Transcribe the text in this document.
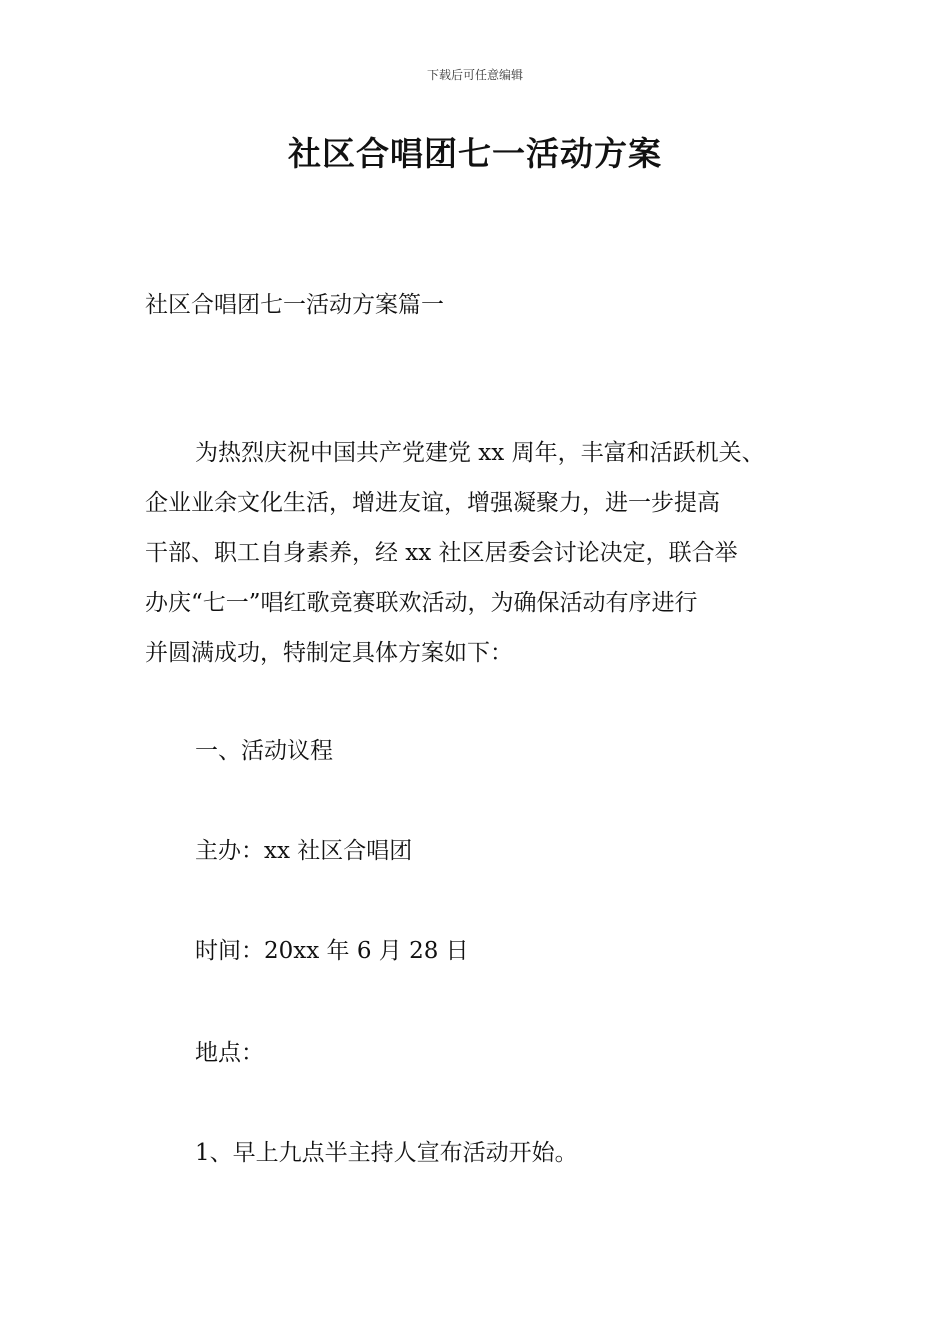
下载后可任意编辑
社区合唱团七一活动方案
社区合唱团七一活动方案篇一
为热烈庆祝中国共产党建党 xx 周年，丰富和活跃机关、
企业业余文化生活，增进友谊，增强凝聚力，进一步提高
干部、职工自身素养，经 xx 社区居委会讨论决定，联合举
办庆“七一”唱红歌竞赛联欢活动，为确保活动有序进行
并圆满成功，特制定具体方案如下：
一、活动议程
主办：xx 社区合唱团
时间：20xx 年 6 月 28 日
地点：
1、早上九点半主持人宣布活动开始。
